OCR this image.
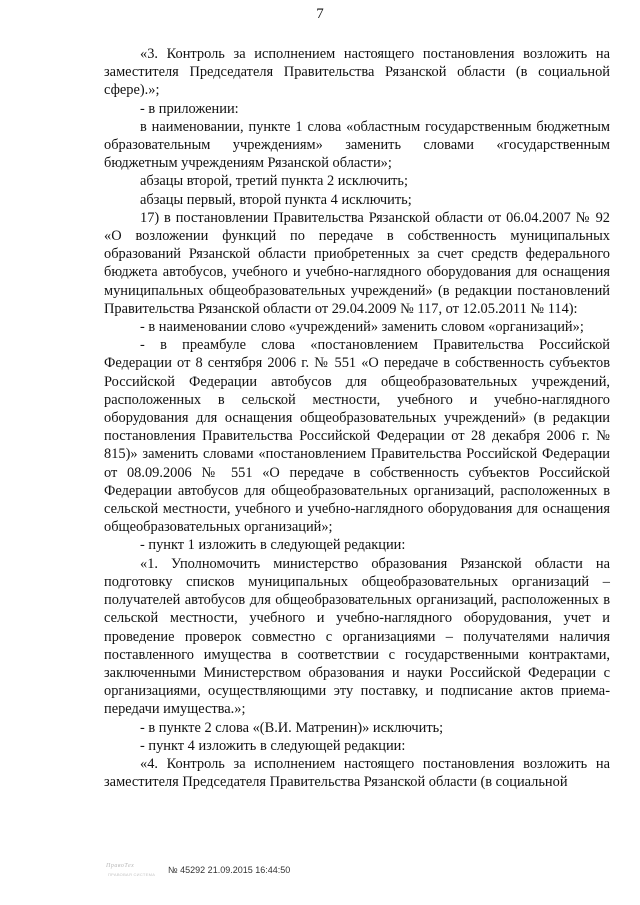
7

«3. Контроль за исполнением настоящего постановления возложить на заместителя Председателя Правительства Рязанской области (в социальной сфере).»;

- в приложении:

в наименовании, пункте 1 слова «областным государственным бюджетным образовательным учреждениям» заменить словами «государственным бюджетным учреждениям Рязанской области»;

абзацы второй, третий пункта 2 исключить;

абзацы первый, второй пункта 4 исключить;

17) в постановлении Правительства Рязанской области от 06.04.2007 № 92 «О возложении функций по передаче в собственность муниципальных образований Рязанской области приобретенных за счет средств федерального бюджета автобусов, учебного и учебно-наглядного оборудования для оснащения муниципальных общеобразовательных учреждений» (в редакции постановлений Правительства Рязанской области от 29.04.2009 № 117, от 12.05.2011 № 114):

- в наименовании слово «учреждений» заменить словом «организаций»;

- в преамбуле слова «постановлением Правительства Российской Федерации от 8 сентября 2006 г. № 551 «О передаче в собственность субъектов Российской Федерации автобусов для общеобразовательных учреждений, расположенных в сельской местности, учебного и учебно-наглядного оборудования для оснащения общеобразовательных учреждений» (в редакции постановления Правительства Российской Федерации от 28 декабря 2006 г. № 815)» заменить словами «постановлением Правительства Российской Федерации от 08.09.2006 № 551 «О передаче в собственность субъектов Российской Федерации автобусов для общеобразовательных организаций, расположенных в сельской местности, учебного и учебно-наглядного оборудования для оснащения общеобразовательных организаций»;

- пункт 1 изложить в следующей редакции:

«1. Уполномочить министерство образования Рязанской области на подготовку списков муниципальных общеобразовательных организаций – получателей автобусов для общеобразовательных организаций, расположенных в сельской местности, учебного и учебно-наглядного оборудования, учет и проведение проверок совместно с организациями – получателями наличия поставленного имущества в соответствии с государственными контрактами, заключенными Министерством образования и науки Российской Федерации с организациями, осуществляющими эту поставку, и подписание актов приема-передачи имущества.»;

- в пункте 2 слова «(В.И. Матренин)» исключить;

- пункт 4 изложить в следующей редакции:

«4. Контроль за исполнением настоящего постановления возложить на заместителя Председателя Правительства Рязанской области (в социальной

ПравоТех
ПРАВОВАЯ СИСТЕМА № 45292 21.09.2015 16:44:50
